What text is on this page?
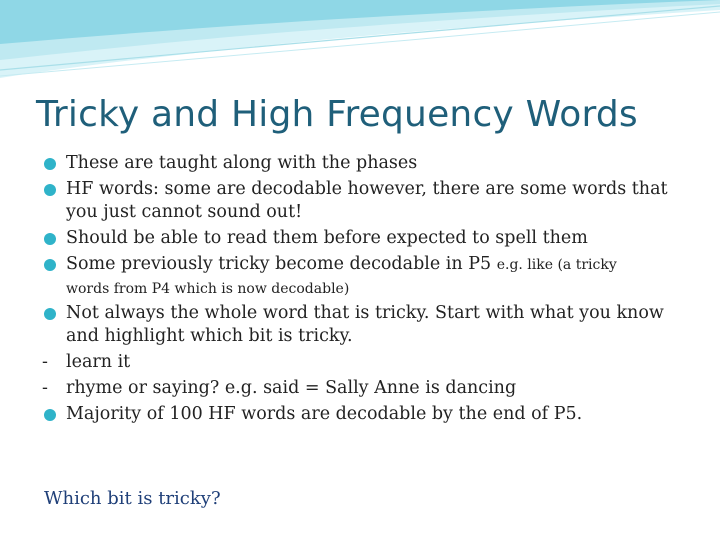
Tricky and High Frequency Words
These are taught along with the phases
HF words: some are decodable however, there are some words that you just cannot sound out!
Should be able to read them before expected to spell them
Some previously tricky become decodable in P5 e.g. like (a tricky
words from P4 which is now decodable)
Not always the whole word that is tricky. Start with what you know and highlight which bit is tricky.
- learn it
- rhyme or saying? e.g. said = Sally Anne is dancing
Majority of 100 HF words are decodable by the end of P5.
Which bit is tricky?
